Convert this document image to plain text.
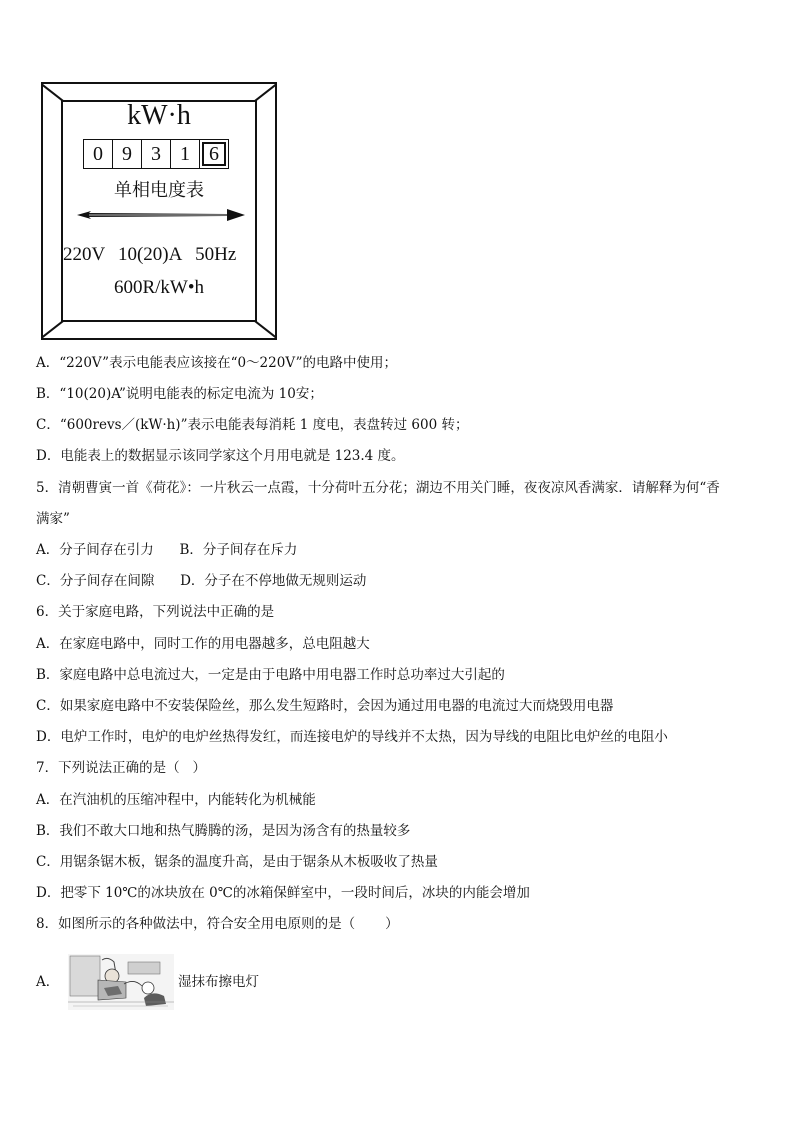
kW·h
0 9 3 1 6
单相电度表
220V 10(20)A 50Hz
600R/kW•h
A．“220V”表示电能表应该接在“0～220V”的电路中使用；
B．“10(20)A”说明电能表的标定电流为 10安；
C．“600revs／(kW·h)”表示电能表每消耗 1 度电，表盘转过 600 转；
D．电能表上的数据显示该同学家这个月用电就是 123.4 度。
5．清朝曹寅一首《荷花》：一片秋云一点霞，十分荷叶五分花；湖边不用关门睡，夜夜凉风香满家．请解释为何“香
满家”
A．分子间存在引力      B．分子间存在斥力
C．分子间存在间隙      D．分子在不停地做无规则运动
6．关于家庭电路，下列说法中正确的是
A．在家庭电路中，同时工作的用电器越多，总电阻越大
B．家庭电路中总电流过大，一定是由于电路中用电器工作时总功率过大引起的
C．如果家庭电路中不安装保险丝，那么发生短路时，会因为通过用电器的电流过大而烧毁用电器
D．电炉工作时，电炉的电炉丝热得发红，而连接电炉的导线并不太热，因为导线的电阻比电炉丝的电阻小
7．下列说法正确的是（   ）
A．在汽油机的压缩冲程中，内能转化为机械能
B．我们不敢大口地和热气腾腾的汤，是因为汤含有的热量较多
C．用锯条锯木板，锯条的温度升高，是由于锯条从木板吸收了热量
D．把零下 10℃的冰块放在 0℃的冰箱保鲜室中，一段时间后，冰块的内能会增加
8．如图所示的各种做法中，符合安全用电原则的是（       ）
A．	湿抹布擦电灯
